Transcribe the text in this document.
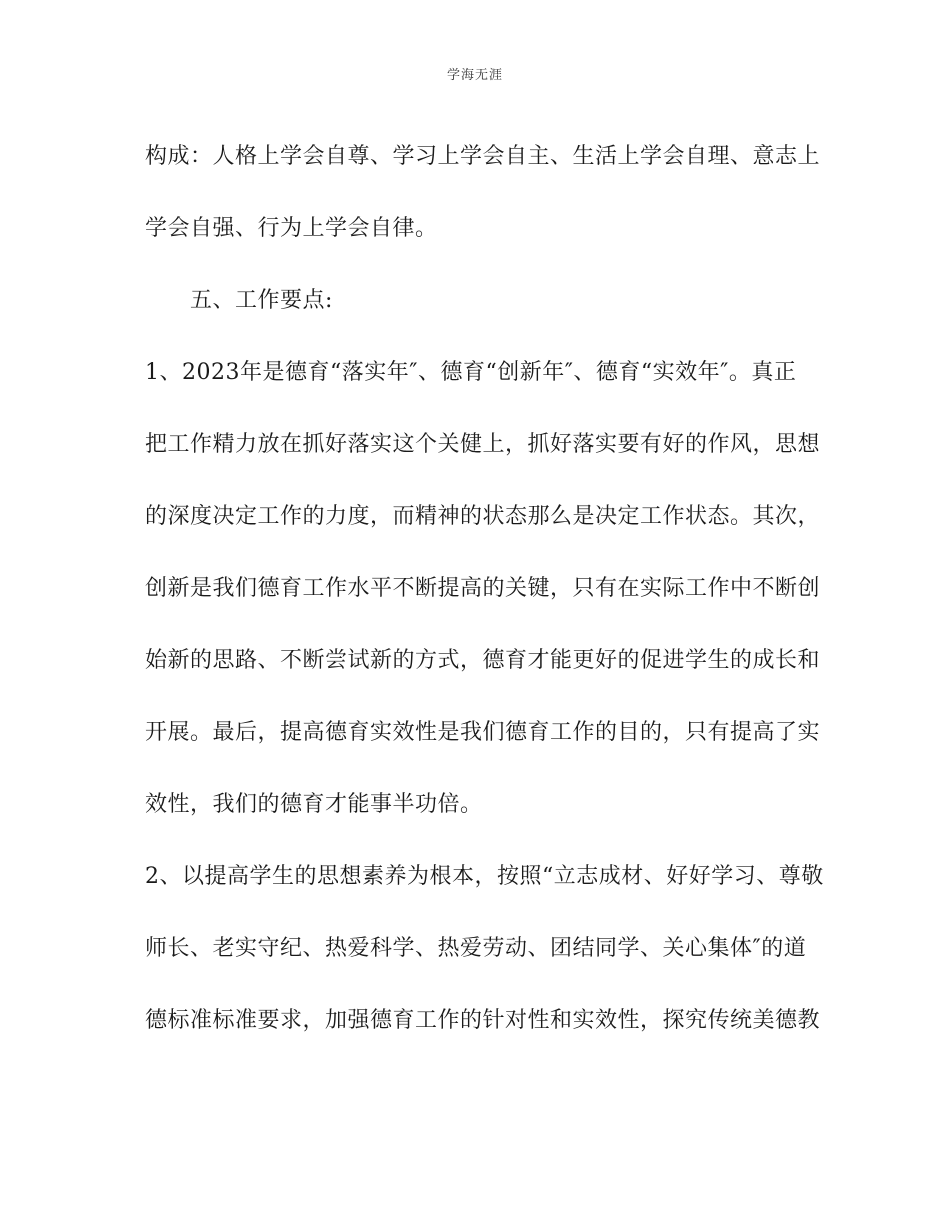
学海无涯
构成：人格上学会自尊、学习上学会自主、生活上学会自理、意志上
学会自强、行为上学会自律。
五、工作要点:
1、2023年是德育“落实年″、德育“创新年″、德育“实效年″。真正
把工作精力放在抓好落实这个关健上，抓好落实要有好的作风，思想
的深度决定工作的力度，而精神的状态那么是决定工作状态。其次，
创新是我们德育工作水平不断提高的关键，只有在实际工作中不断创
始新的思路、不断尝试新的方式，德育才能更好的促进学生的成长和
开展。最后，提高德育实效性是我们德育工作的目的，只有提高了实
效性，我们的德育才能事半功倍。
2、以提高学生的思想素养为根本，按照“立志成材、好好学习、尊敬
师长、老实守纪、热爱科学、热爱劳动、团结同学、关心集体″的道
德标准标准要求，加强德育工作的针对性和实效性，探究传统美德教
